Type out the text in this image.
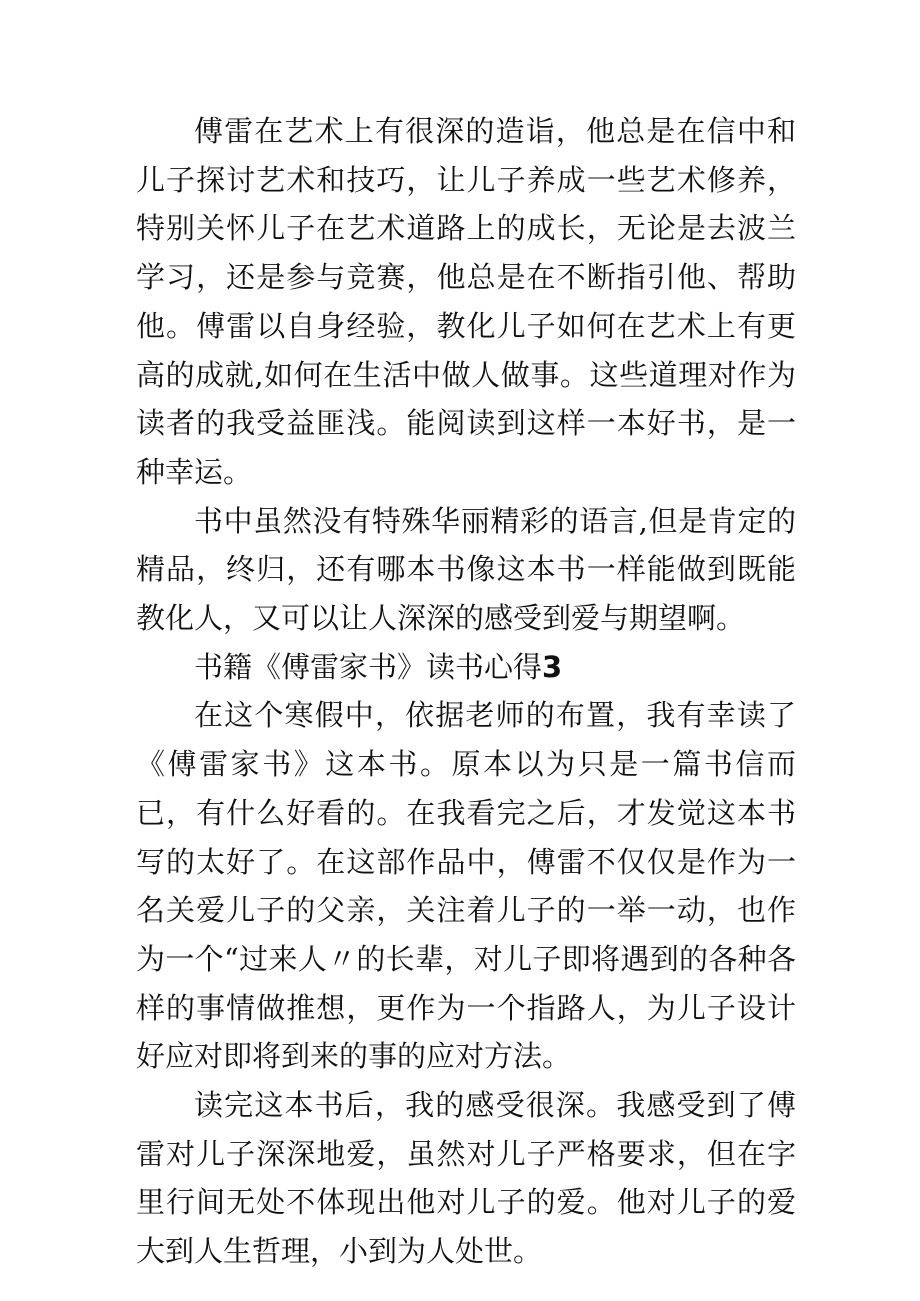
傅雷在艺术上有很深的造诣，他总是在信中和儿子探讨艺术和技巧，让儿子养成一些艺术修养，特别关怀儿子在艺术道路上的成长，无论是去波兰学习，还是参与竞赛，他总是在不断指引他、帮助他。傅雷以自身经验，教化儿子如何在艺术上有更高的成就,如何在生活中做人做事。这些道理对作为读者的我受益匪浅。能阅读到这样一本好书，是一种幸运。

书中虽然没有特殊华丽精彩的语言,但是肯定的精品，终归，还有哪本书像这本书一样能做到既能教化人，又可以让人深深的感受到爱与期望啊。

书籍《傅雷家书》读书心得3

在这个寒假中，依据老师的布置，我有幸读了《傅雷家书》这本书。原本以为只是一篇书信而已，有什么好看的。在我看完之后，才发觉这本书写的太好了。在这部作品中，傅雷不仅仅是作为一名关爱儿子的父亲，关注着儿子的一举一动，也作为一个“过来人〃的长辈，对儿子即将遇到的各种各样的事情做推想，更作为一个指路人，为儿子设计好应对即将到来的事的应对方法。

读完这本书后，我的感受很深。我感受到了傅雷对儿子深深地爱，虽然对儿子严格要求，但在字里行间无处不体现出他对儿子的爱。他对儿子的爱大到人生哲理，小到为人处世。
